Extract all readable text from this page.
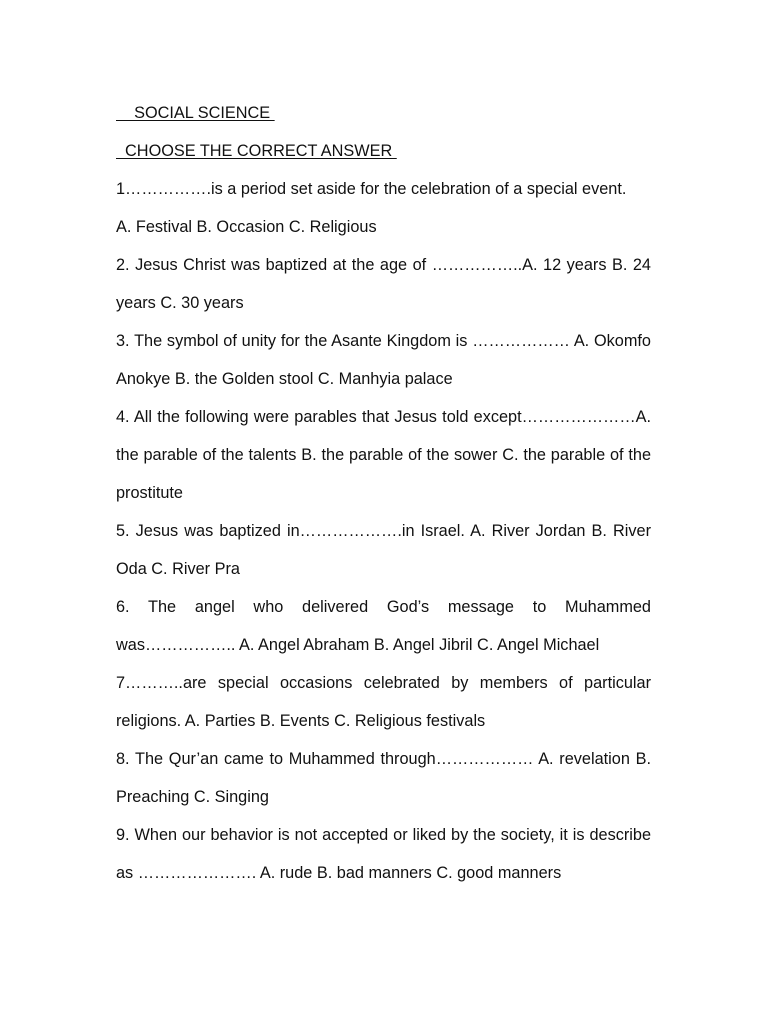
SOCIAL SCIENCE

CHOOSE THE CORRECT ANSWER

1…………….is a period set aside for the celebration of a special event.

A. Festival B. Occasion C. Religious

2. Jesus Christ was baptized at the age of ……………..A. 12 years B. 24 years C. 30 years

3. The symbol of unity for the Asante Kingdom is ……………… A. Okomfo Anokye B. the Golden stool C. Manhyia palace

4. All the following were parables that Jesus told except…………………A. the parable of the talents B. the parable of the sower C. the parable of the prostitute

5. Jesus was baptized in……………….in Israel. A. River Jordan B. River Oda C. River Pra

6. The angel who delivered God’s message to Muhammed was…………….. A. Angel Abraham B. Angel Jibril C. Angel Michael

7………..are special occasions celebrated by members of particular religions. A. Parties B. Events C. Religious festivals

8. The Qur’an came to Muhammed through……………… A. revelation B. Preaching C. Singing

9. When our behavior is not accepted or liked by the society, it is describe as …………………. A. rude B. bad manners C. good manners
